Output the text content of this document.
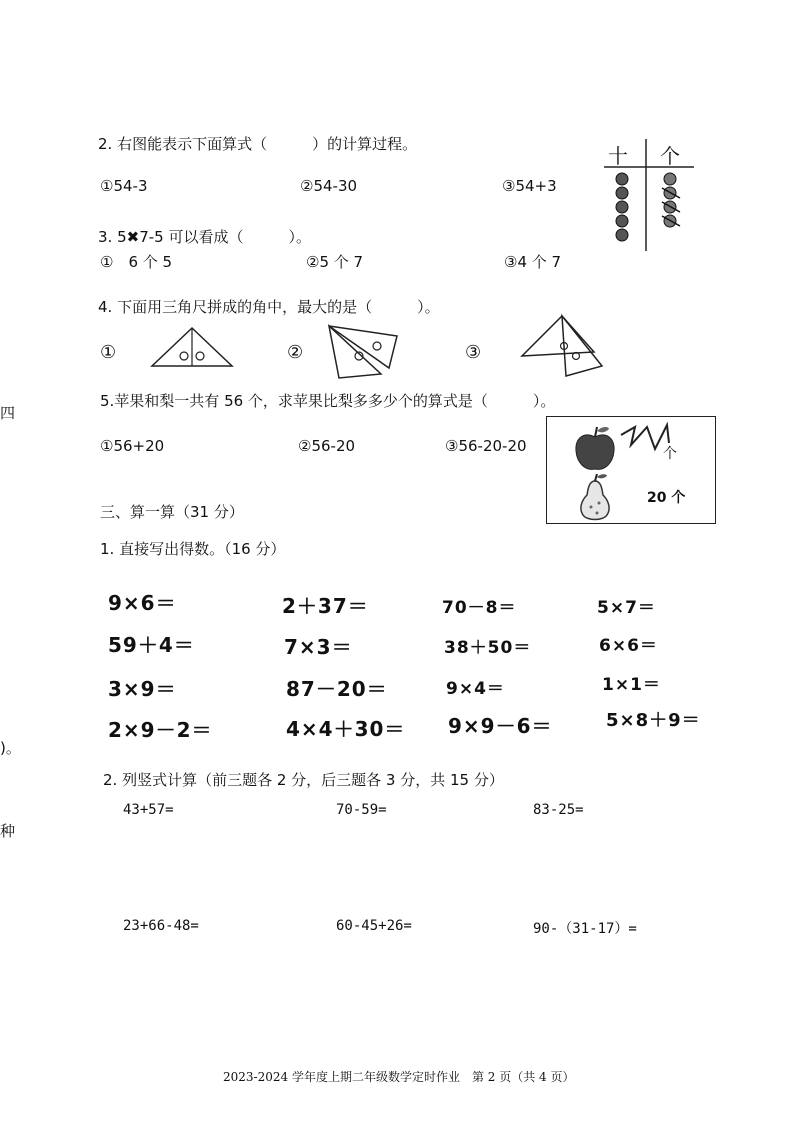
四
)。
种
2. 右图能表示下面算式（　　　）的计算过程。
①54-3	②54-30	③54+3
十 个
3. 5✖7-5 可以看成（　　　）。
①　6 个 5	②5 个 7	③4 个 7
4. 下面用三角尺拼成的角中，最大的是（　　　）。
①	②	③
5.苹果和梨一共有 56 个，求苹果比梨多多少个的算式是（　　　）。
①56+20	②56-20	③56-20-20	个
20 个
三、算一算（31 分）
1. 直接写出得数。（16 分）
9×6＝	2＋37＝	70－8＝	5×7＝
59＋4＝	7×3＝	38＋50＝	6×6＝
3×9＝	87－20＝	9×4＝	1×1＝
2×9－2＝	4×4＋30＝ 9×9－6＝	5×8＋9＝
2. 列竖式计算（前三题各 2 分，后三题各 3 分，共 15 分）
43+57=	70-59=	83-25=
23+66-48=	60-45+26=	90-（31-17）=
2023-2024 学年度上期二年级数学定时作业　第 2 页（共 4 页）
